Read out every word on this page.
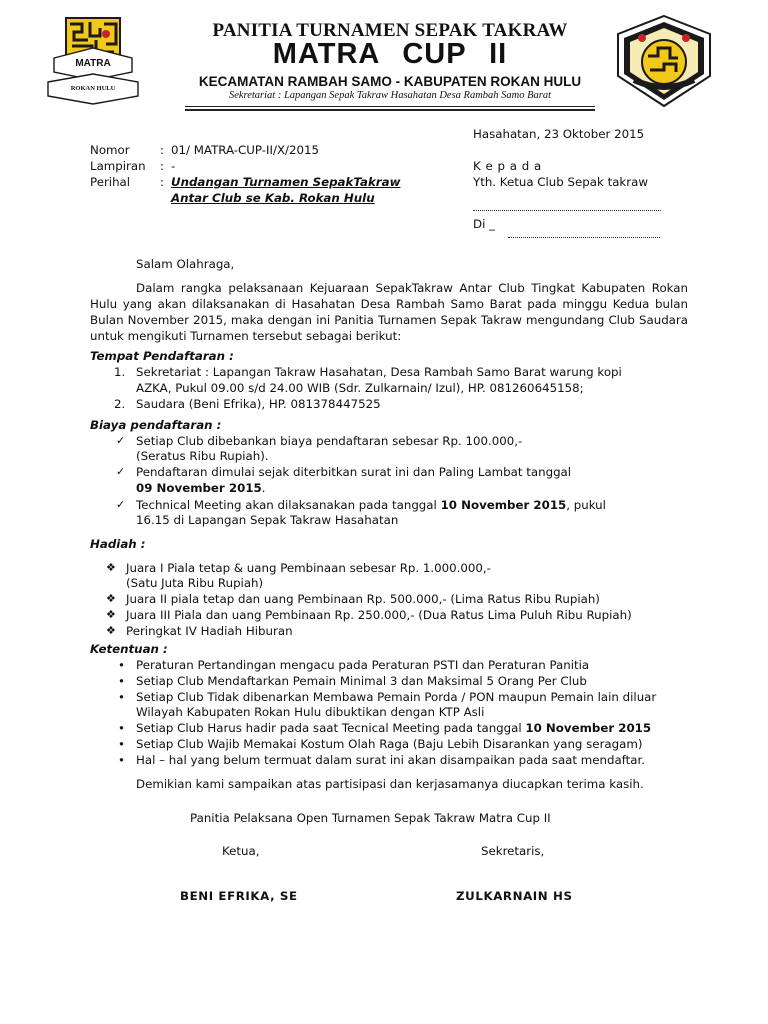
MATRA
ROKAN HULU
PANITIA TURNAMEN SEPAK TAKRAW
MATRA CUP II
KECAMATAN RAMBAH SAMO - KABUPATEN ROKAN HULU
Sekretariat : Lapangan Sepak Takraw Hasahatan Desa Rambah Samo Barat
Hasahatan, 23 Oktober 2015
Nomor	: 01/ MATRA-CUP-II/X/2015
Lampiran : -
Perihal	: Undangan Turnamen SepakTakraw
Antar Club se Kab. Rokan Hulu
K e p a d a
Yth. Ketua Club Sepak takraw
Di _
Salam Olahraga,
Dalam rangka pelaksanaan Kejuaraan SepakTakraw Antar Club Tingkat Kabupaten Rokan Hulu yang akan dilaksanakan di Hasahatan Desa Rambah Samo Barat pada minggu Kedua bulan Bulan November 2015, maka dengan ini Panitia Turnamen Sepak Takraw mengundang Club Saudara untuk mengikuti Turnamen tersebut sebagai berikut:
Tempat Pendaftaran :
1. Sekretariat : Lapangan Takraw Hasahatan, Desa Rambah Samo Barat warung kopi
AZKA, Pukul 09.00 s/d 24.00 WIB (Sdr. Zulkarnain/ Izul), HP. 081260645158;
2. Saudara (Beni Efrika), HP. 081378447525
Biaya pendaftaran :
✓ Setiap Club dibebankan biaya pendaftaran sebesar Rp. 100.000,-
(Seratus Ribu Rupiah).
✓ Pendaftaran dimulai sejak diterbitkan surat ini dan Paling Lambat tanggal
09 November 2015.
✓ Technical Meeting akan dilaksanakan pada tanggal 10 November 2015, pukul
16.15 di Lapangan Sepak Takraw Hasahatan
Hadiah :
❖ Juara I Piala tetap & uang Pembinaan sebesar Rp. 1.000.000,-
(Satu Juta Ribu Rupiah)
❖ Juara II piala tetap dan uang Pembinaan Rp. 500.000,- (Lima Ratus Ribu Rupiah)
❖ Juara III Piala dan uang Pembinaan Rp. 250.000,- (Dua Ratus Lima Puluh Ribu Rupiah)
❖ Peringkat IV Hadiah Hiburan
Ketentuan :
• Peraturan Pertandingan mengacu pada Peraturan PSTI dan Peraturan Panitia
• Setiap Club Mendaftarkan Pemain Minimal 3 dan Maksimal 5 Orang Per Club
• Setiap Club Tidak dibenarkan Membawa Pemain Porda / PON maupun Pemain lain diluar
Wilayah Kabupaten Rokan Hulu dibuktikan dengan KTP Asli
• Setiap Club Harus hadir pada saat Tecnical Meeting pada tanggal 10 November 2015
• Setiap Club Wajib Memakai Kostum Olah Raga (Baju Lebih Disarankan yang seragam)
• Hal – hal yang belum termuat dalam surat ini akan disampaikan pada saat mendaftar.
Demikian kami sampaikan atas partisipasi dan kerjasamanya diucapkan terima kasih.
Panitia Pelaksana Open Turnamen Sepak Takraw Matra Cup II
Ketua,	Sekretaris,
BENI EFRIKA, SE	ZULKARNAIN HS
